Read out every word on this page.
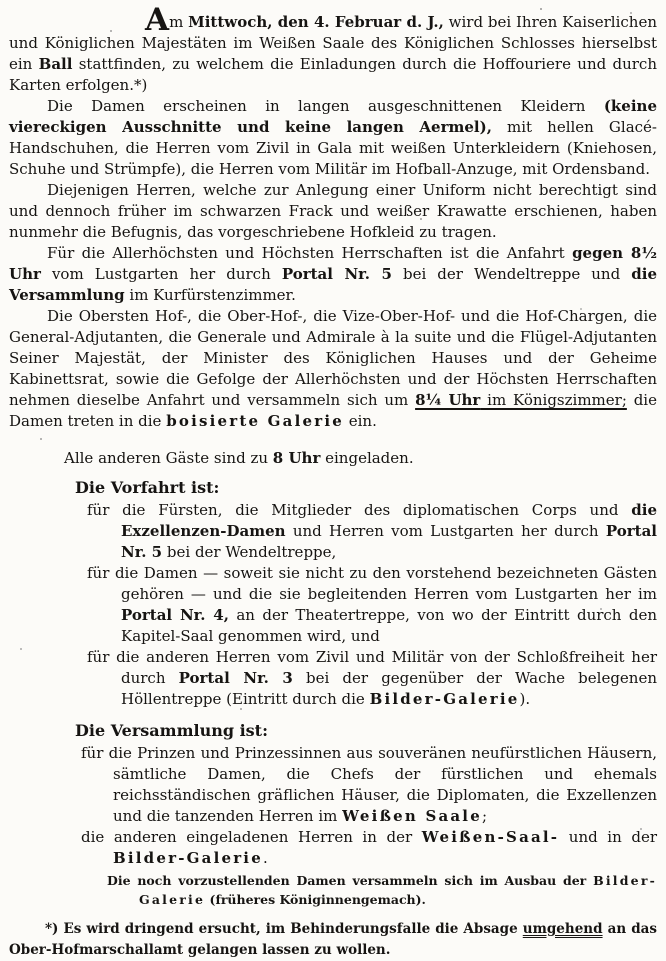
Am Mittwoch, den 4. Februar d. J., wird bei Ihren Kaiserlichen und Königlichen Majestäten im Weißen Saale des Königlichen Schlosses hierselbst ein Ball stattfinden, zu welchem die Einladungen durch die Hoffouriere und durch Karten erfolgen.*)

Die Damen erscheinen in langen ausgeschnittenen Kleidern (keine viereckigen Ausschnitte und keine langen Aermel), mit hellen Glacé-Handschuhen, die Herren vom Zivil in Gala mit weißen Unterkleidern (Kniehosen, Schuhe und Strümpfe), die Herren vom Militär im Hofball-Anzuge, mit Ordensband.

Diejenigen Herren, welche zur Anlegung einer Uniform nicht berechtigt sind und dennoch früher im schwarzen Frack und weißer Krawatte erschienen, haben nunmehr die Befugnis, das vorgeschriebene Hofkleid zu tragen.

Für die Allerhöchsten und Höchsten Herrschaften ist die Anfahrt gegen 8½ Uhr vom Lustgarten her durch Portal Nr. 5 bei der Wendeltreppe und die Versammlung im Kurfürstenzimmer.

Die Obersten Hof-, die Ober-Hof-, die Vize-Ober-Hof- und die Hof-Chargen, die General-Adjutanten, die Generale und Admirale à la suite und die Flügel-Adjutanten Seiner Majestät, der Minister des Königlichen Hauses und der Geheime Kabinettsrat, sowie die Gefolge der Allerhöchsten und der Höchsten Herrschaften nehmen dieselbe Anfahrt und versammeln sich um 8¼ Uhr im Königszimmer; die Damen treten in die boisierte Galerie ein.

Alle anderen Gäste sind zu 8 Uhr eingeladen.

Die Vorfahrt ist:

für die Fürsten, die Mitglieder des diplomatischen Corps und die Exzellenzen-Damen und Herren vom Lustgarten her durch Portal Nr. 5 bei der Wendeltreppe,

für die Damen — soweit sie nicht zu den vorstehend bezeichneten Gästen gehören — und die sie begleitenden Herren vom Lustgarten her im Portal Nr. 4, an der Theatertreppe, von wo der Eintritt durch den Kapitel-Saal genommen wird, und

für die anderen Herren vom Zivil und Militär von der Schloßfreiheit her durch Portal Nr. 3 bei der gegenüber der Wache belegenen Höllentreppe (Eintritt durch die Bilder-Galerie).

Die Versammlung ist:

für die Prinzen und Prinzessinnen aus souveränen neufürstlichen Häusern, sämtliche Damen, die Chefs der fürstlichen und ehemals reichsständischen gräflichen Häuser, die Diplomaten, die Exzellenzen und die tanzenden Herren im Weißen Saale;

die anderen eingeladenen Herren in der Weißen-Saal- und in der Bilder-Galerie.

Die noch vorzustellenden Damen versammeln sich im Ausbau der Bilder-Galerie (früheres Königinnengemach).

*) Es wird dringend ersucht, im Behinderungsfalle die Absage umgehend an das Ober-Hofmarschallamt gelangen lassen zu wollen.
